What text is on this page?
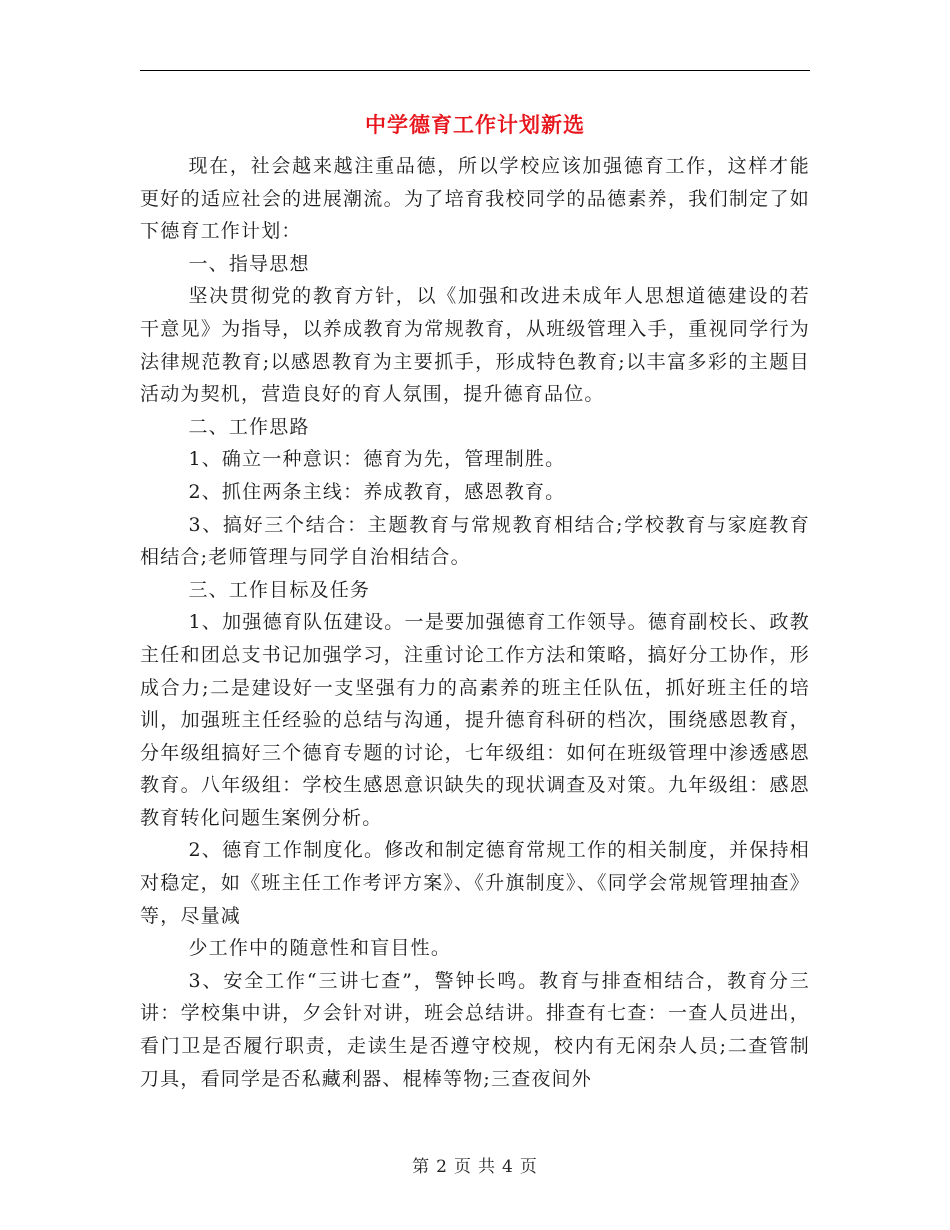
中学德育工作计划新选

现在，社会越来越注重品德，所以学校应该加强德育工作，这样才能更好的适应社会的进展潮流。为了培育我校同学的品德素养，我们制定了如下德育工作计划：

一、指导思想

坚决贯彻党的教育方针，以《加强和改进未成年人思想道德建设的若干意见》为指导，以养成教育为常规教育，从班级管理入手，重视同学行为法律规范教育;以感恩教育为主要抓手，形成特色教育;以丰富多彩的主题目活动为契机，营造良好的育人氛围，提升德育品位。

二、工作思路

1、确立一种意识：德育为先，管理制胜。

2、抓住两条主线：养成教育，感恩教育。

3、搞好三个结合：主题教育与常规教育相结合;学校教育与家庭教育相结合;老师管理与同学自治相结合。

三、工作目标及任务

1、加强德育队伍建设。一是要加强德育工作领导。德育副校长、政教主任和团总支书记加强学习，注重讨论工作方法和策略，搞好分工协作，形成合力;二是建设好一支坚强有力的高素养的班主任队伍，抓好班主任的培训，加强班主任经验的总结与沟通，提升德育科研的档次，围绕感恩教育，分年级组搞好三个德育专题的讨论，七年级组：如何在班级管理中渗透感恩教育。八年级组：学校生感恩意识缺失的现状调查及对策。九年级组：感恩教育转化问题生案例分析。

2、德育工作制度化。修改和制定德育常规工作的相关制度，并保持相对稳定，如《班主任工作考评方案》、《升旗制度》、《同学会常规管理抽查》等，尽量减

少工作中的随意性和盲目性。

3、安全工作“三讲七查”，警钟长鸣。教育与排查相结合，教育分三讲：学校集中讲，夕会针对讲，班会总结讲。排查有七查：一查人员进出，看门卫是否履行职责，走读生是否遵守校规，校内有无闲杂人员;二查管制刀具，看同学是否私藏利器、棍棒等物;三查夜间外

第 2 页 共 4 页
